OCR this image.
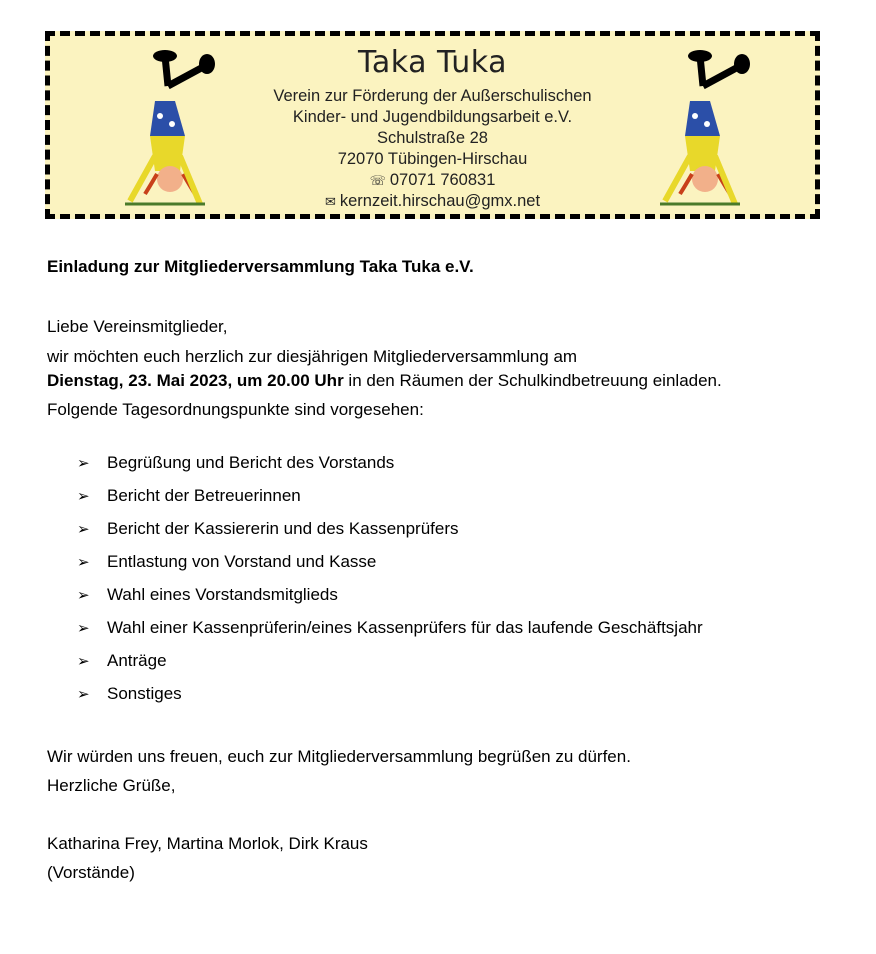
Taka Tuka
Verein zur Förderung der Außerschulischen
Kinder- und Jugendbildungsarbeit e.V.
Schulstraße 28
72070 Tübingen-Hirschau
☏ 07071 760831
✉ kernzeit.hirschau@gmx.net
Einladung zur Mitgliederversammlung Taka Tuka e.V.
Liebe Vereinsmitglieder,
wir möchten euch herzlich zur diesjährigen Mitgliederversammlung am
Dienstag, 23. Mai 2023, um 20.00 Uhr in den Räumen der Schulkindbetreuung einladen.
Folgende Tagesordnungspunkte sind vorgesehen:
➢ Begrüßung und Bericht des Vorstands
➢ Bericht der Betreuerinnen
➢ Bericht der Kassiererin und des Kassenprüfers
➢ Entlastung von Vorstand und Kasse
➢ Wahl eines Vorstandsmitglieds
➢ Wahl einer Kassenprüferin/eines Kassenprüfers für das laufende Geschäftsjahr
➢ Anträge
➢ Sonstiges
Wir würden uns freuen, euch zur Mitgliederversammlung begrüßen zu dürfen.
Herzliche Grüße,
Katharina Frey, Martina Morlok, Dirk Kraus
(Vorstände)
